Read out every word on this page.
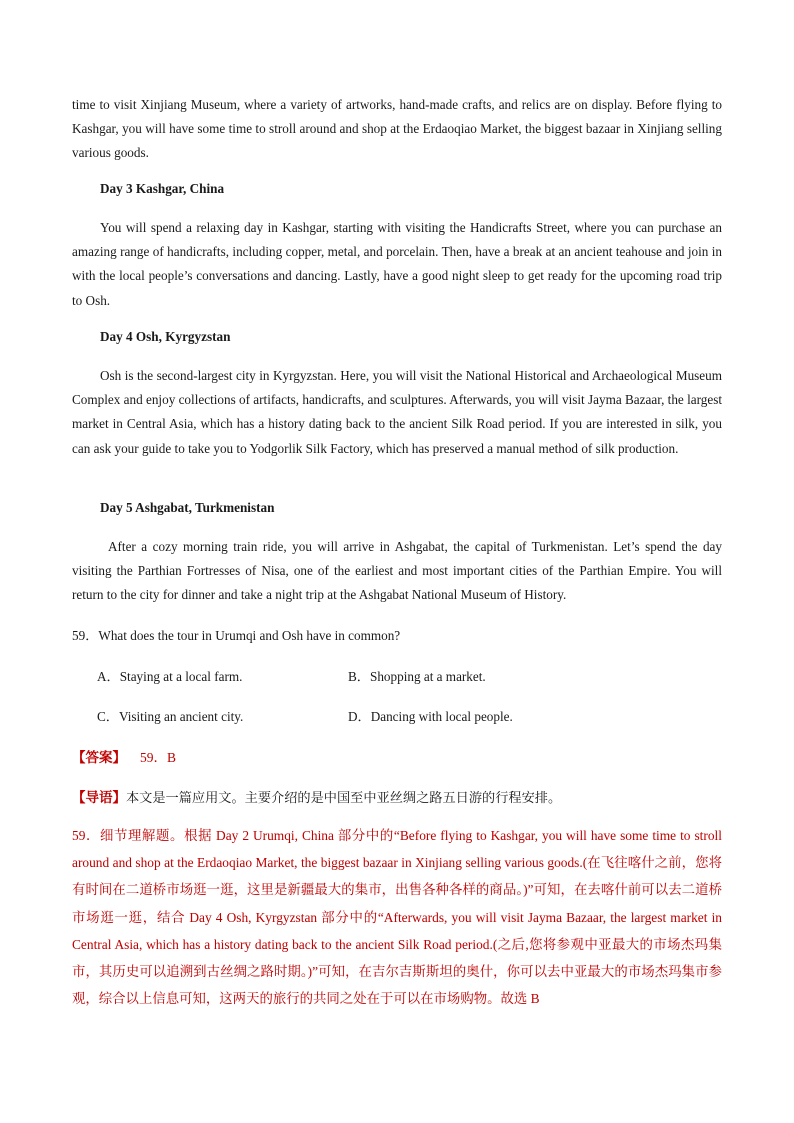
time to visit Xinjiang Museum, where a variety of artworks, hand-made crafts, and relics are on display. Before flying to Kashgar, you will have some time to stroll around and shop at the Erdaoqiao Market, the biggest bazaar in Xinjiang selling various goods.

Day 3 Kashgar, China

You will spend a relaxing day in Kashgar, starting with visiting the Handicrafts Street, where you can purchase an amazing range of handicrafts, including copper, metal, and porcelain. Then, have a break at an ancient teahouse and join in with the local people’s conversations and dancing. Lastly, have a good night sleep to get ready for the upcoming road trip to Osh.

Day 4 Osh, Kyrgyzstan

Osh is the second-largest city in Kyrgyzstan. Here, you will visit the National Historical and Archaeological Museum Complex and enjoy collections of artifacts, handicrafts, and sculptures. Afterwards, you will visit Jayma Bazaar, the largest market in Central Asia, which has a history dating back to the ancient Silk Road period. If you are interested in silk, you can ask your guide to take you to Yodgorlik Silk Factory, which has preserved a manual method of silk production.

Day 5 Ashgabat, Turkmenistan

After a cozy morning train ride, you will arrive in Ashgabat, the capital of Turkmenistan. Let’s spend the day visiting the Parthian Fortresses of Nisa, one of the earliest and most important cities of the Parthian Empire. You will return to the city for dinner and take a night trip at the Ashgabat National Museum of History.

59．What does the tour in Urumqi and Osh have in common?

A．Staying at a local farm.	B．Shopping at a market.

C．Visiting an ancient city.	D．Dancing with local people.

【答案】 59．B

【导语】本文是一篇应用文。主要介绍的是中国至中亚丝绸之路五日游的行程安排。

59．细节理解题。根据 Day 2 Urumqi, China 部分中的“Before flying to Kashgar, you will have some time to stroll around and shop at the Erdaoqiao Market, the biggest bazaar in Xinjiang selling various goods.(在飞往喀什之前，您将有时间在二道桥市场逛一逛，这里是新疆最大的集市，出售各种各样的商品。)”可知，在去喀什前可以去二道桥市场逛一逛，结合 Day 4 Osh, Kyrgyzstan 部分中的“Afterwards, you will visit Jayma Bazaar, the largest market in Central Asia, which has a history dating back to the ancient Silk Road period.(之后,您将参观中亚最大的市场杰玛集市，其历史可以追溯到古丝绸之路时期。)”可知，在吉尔吉斯斯坦的奥什，你可以去中亚最大的市场杰玛集市参观，综合以上信息可知，这两天的旅行的共同之处在于可以在市场购物。故选 B
